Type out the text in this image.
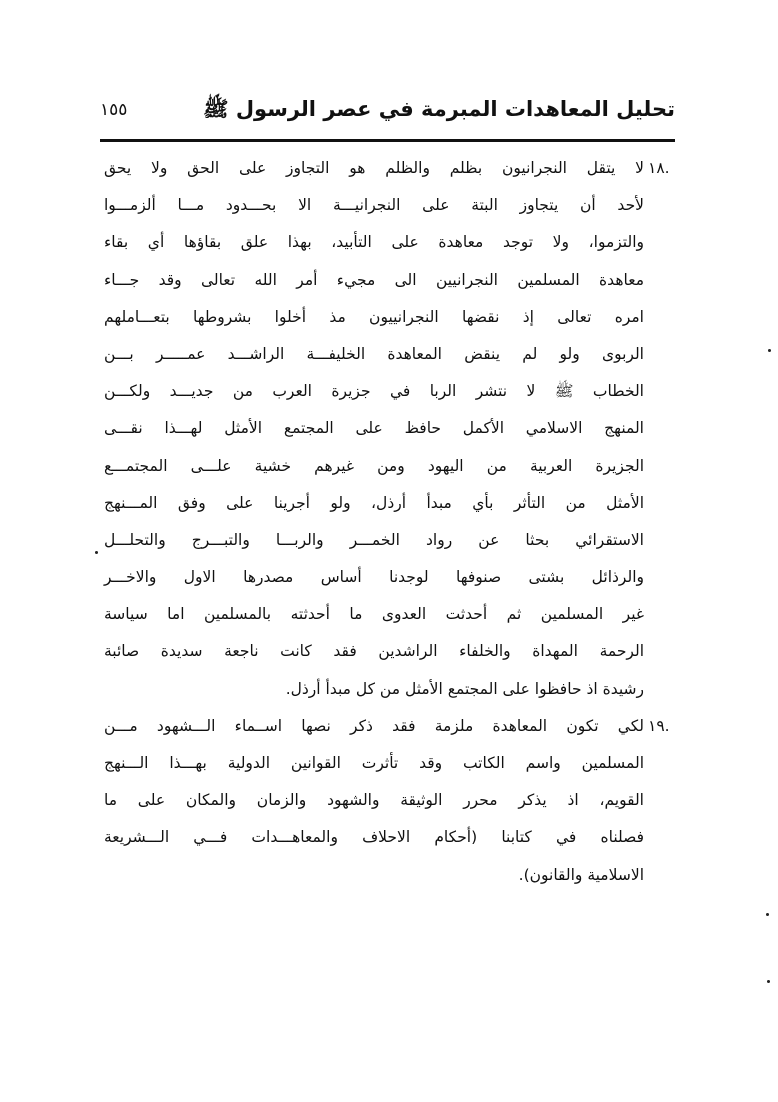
تحليل المعاهدات المبرمة في عصر الرسول ﷺ
١٥٥
.١٨
لا يتقل النجرانيون بظلم والظلم هو التجاوز على الحق ولا يحق
لأحد أن يتجاوز البتة على النجرانيـــة الا بحـــدود مـــا ألزمـــوا
والتزموا، ولا توجد معاهدة على التأبيد، بهذا علق بقاؤها أي بقاء
معاهدة المسلمين النجرانيين الى مجيء أمر الله تعالى وقد جـــاء
امره تعالى إذ نقضها النجرانييون مذ أخلوا بشروطها بتعـــاملهم
الربوى ولو لم ينقض المعاهدة الخليفـــة الراشـــد عمـــــر بـــن
الخطاب ﷺ لا نتشر الربا في جزيرة العرب من جديـــد ولكـــن
المنهج الاسلامي الأكمل حافظ على المجتمع الأمثل لهـــذا نقـــى
الجزيرة العربية من اليهود ومن غيرهم خشية علـــى المجتمـــع
الأمثل من التأثر بأي مبدأ أرذل، ولو أجرينا على وفق المـــنهج
الاستقرائي بحثا عن رواد الخمـــر والربـــا والتبـــرج والتحلـــل
والرذائل بشتى صنوفها لوجدنا أساس مصدرها الاول والاخـــر
غير المسلمين ثم أحدثت العدوى ما أحدثته بالمسلمين اما سياسة
الرحمة المهداة والخلفاء الراشدين فقد كانت ناجعة سديدة صائبة
رشيدة اذ حافظوا على المجتمع الأمثل من كل مبدأ أرذل.
.١٩
لكي تكون المعاهدة ملزمة فقد ذكر نصها اســماء الـــشهود مـــن
المسلمين واسم الكاتب وقد تأثرت القوانين الدولية بهـــذا الـــنهج
القويم، اذ يذكر محرر الوثيقة والشهود والزمان والمكان على ما
فصلناه في كتابنا (أحكام الاحلاف والمعاهـــدات فـــي الـــشريعة
الاسلامية والقانون).
